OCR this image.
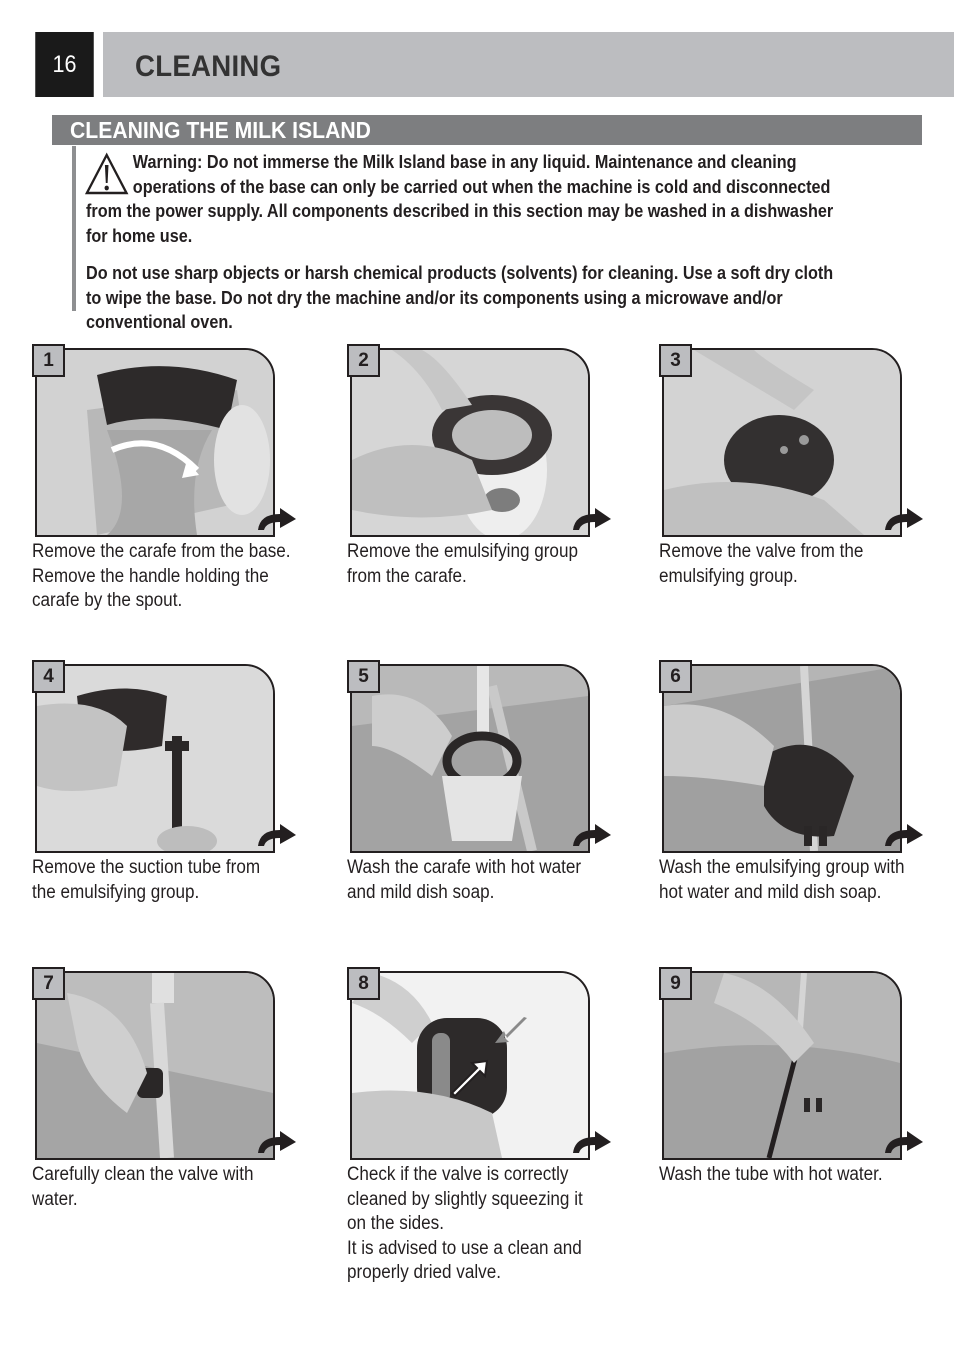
16	CLEANING
CLEANING THE MILK ISLAND

Warning: Do not immerse the Milk Island base in any liquid. Maintenance and cleaning operations of the base can only be carried out when the machine is cold and disconnected from the power supply. All components described in this section may be washed in a dishwasher for home use.

Do not use sharp objects or harsh chemical products (solvents) for cleaning. Use a soft dry cloth to wipe the base. Do not dry the machine and/or its components using a microwave and/or conventional oven.

1
Remove the carafe from the base.
Remove the handle holding the
carafe by the spout.
2
Remove the emulsifying group
from the carafe.
3
Remove the valve from the
emulsifying group.
4
Remove the suction tube from
the emulsifying group.
5
Wash the carafe with hot water
and mild dish soap.
6
Wash the emulsifying group with
hot water and mild dish soap.
7
Carefully clean the valve with
water.
8
Check if the valve is correctly
cleaned by slightly squeezing it
on the sides.
It is advised to use a clean and
properly dried valve.
9
Wash the tube with hot water.
